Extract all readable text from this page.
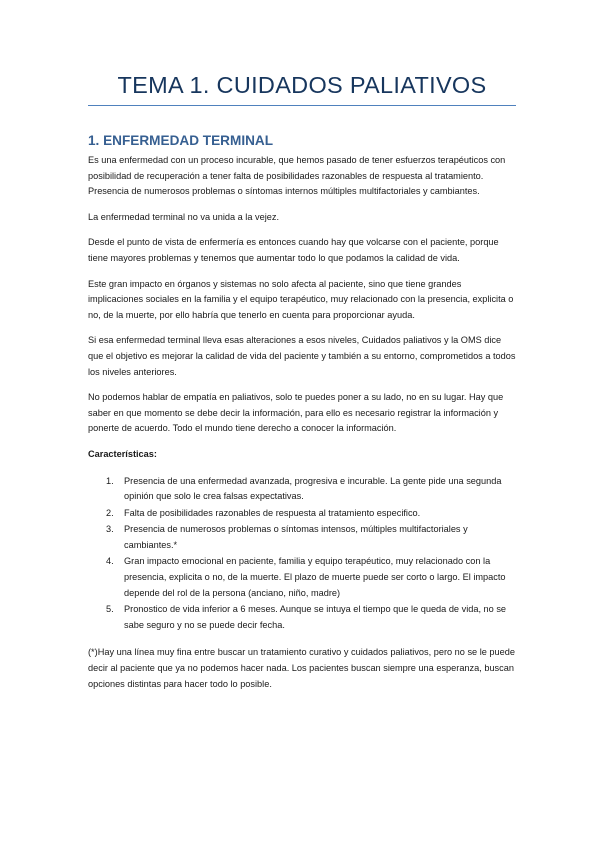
TEMA 1. CUIDADOS PALIATIVOS
1. ENFERMEDAD TERMINAL

Es una enfermedad con un proceso incurable, que hemos pasado de tener esfuerzos terapéuticos con posibilidad de recuperación a tener falta de posibilidades razonables de respuesta al tratamiento. Presencia de numerosos problemas o síntomas internos múltiples multifactoriales y cambiantes.

La enfermedad terminal no va unida a la vejez.

Desde el punto de vista de enfermería es entonces cuando hay que volcarse con el paciente, porque tiene mayores problemas y tenemos que aumentar todo lo que podamos la calidad de vida.

Este gran impacto en órganos y sistemas no solo afecta al paciente, sino que tiene grandes implicaciones sociales en la familia y el equipo terapéutico, muy relacionado con la presencia, explicita o no, de la muerte, por ello habría que tenerlo en cuenta para proporcionar ayuda.

Si esa enfermedad terminal lleva esas alteraciones a esos niveles, Cuidados paliativos y la OMS dice que el objetivo es mejorar la calidad de vida del paciente y también a su entorno, comprometidos a todos los niveles anteriores.

No podemos hablar de empatía en paliativos, solo te puedes poner a su lado, no en su lugar. Hay que saber en que momento se debe decir la información, para ello es necesario registrar la información y ponerte de acuerdo. Todo el mundo tiene derecho a conocer la información.

Características:
1. Presencia de una enfermedad avanzada, progresiva e incurable. La gente pide una segunda opinión que solo le crea falsas expectativas.
2. Falta de posibilidades razonables de respuesta al tratamiento especifico.
3. Presencia de numerosos problemas o síntomas intensos, múltiples multifactoriales y cambiantes.*
4. Gran impacto emocional en paciente, familia y equipo terapéutico, muy relacionado con la presencia, explicita o no, de la muerte. El plazo de muerte puede ser corto o largo. El impacto depende del rol de la persona (anciano, niño, madre)
5. Pronostico de vida inferior a 6 meses. Aunque se intuya el tiempo que le queda de vida, no se sabe seguro y no se puede decir fecha.

(*)Hay una línea muy fina entre buscar un tratamiento curativo y cuidados paliativos, pero no se le puede decir al paciente que ya no podemos hacer nada. Los pacientes buscan siempre una esperanza, buscan opciones distintas para hacer todo lo posible.
